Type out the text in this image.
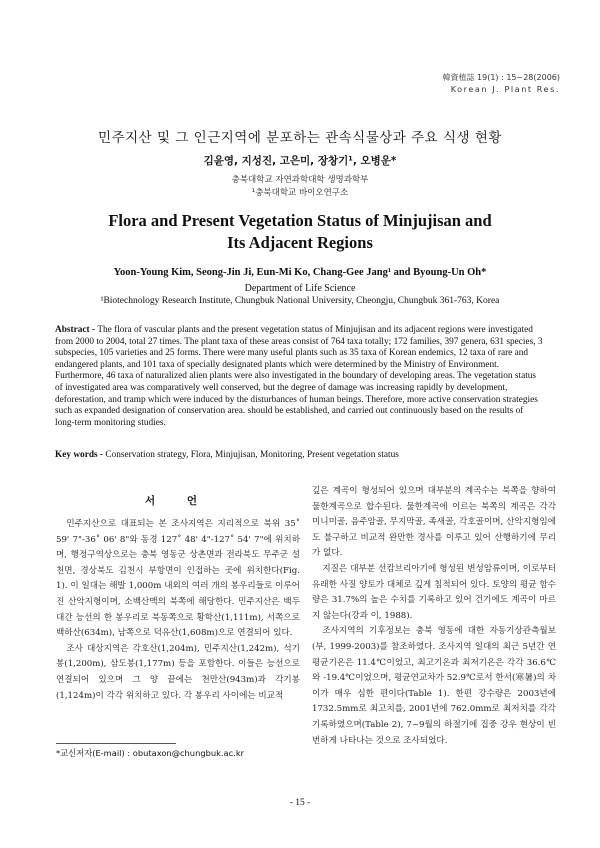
韓資植誌 19(1) : 15~28(2006)
Korean J. Plant Res.
민주지산 및 그 인근지역에 분포하는 관속식물상과 주요 식생 현황
김윤영, 지성진, 고은미, 장창기¹, 오병운*
충북대학교 자연과학대학 생명과학부
¹충북대학교 바이오연구소
Flora and Present Vegetation Status of Minjujisan and
Its Adjacent Regions
Yoon-Young Kim, Seong-Jin Ji, Eun-Mi Ko, Chang-Gee Jang¹ and Byoung-Un Oh*
Department of Life Science
¹Biotechnology Research Institute, Chungbuk National University, Cheongju, Chungbuk 361-763, Korea
Abstract - The flora of vascular plants and the present vegetation status of Minjujisan and its adjacent regions were investigated from 2000 to 2004, total 27 times. The plant taxa of these areas consist of 764 taxa totally; 172 families, 397 genera, 631 species, 3 subspecies, 105 varieties and 25 forms. There were many useful plants such as 35 taxa of Korean endemics, 12 taxa of rare and endangered plants, and 101 taxa of specially designated plants which were determined by the Ministry of Environment. Furthermore, 46 taxa of naturalized alien plants were also investigated in the boundary of developing areas. The vegetation status of investigated area was comparatively well conserved, but the degree of damage was increasing rapidly by development, deforestation, and tramp which were induced by the disturbances of human beings. Therefore, more active conservation strategies such as expanded designation of conservation area. should be established, and carried out continuously based on the results of long-term monitoring studies.
Key words - Conservation strategy, Flora, Minjujisan, Monitoring, Present vegetation status
서 언

민주지산으로 대표되는 본 조사지역은 지리적으로 북위 35˚ 59' 7"-36˚ 06' 8"와 동경 127˚ 48' 4"-127˚ 54' 7"에 위치하며, 행정구역상으로는 충북 영동군 상촌면과 전라북도 무주군 설천면, 경상북도 김천시 부항면이 인접하는 곳에 위치한다(Fig. 1). 이 일대는 해발 1,000m 내외의 여러 개의 봉우리들로 이루어진 산악지형이며, 소백산맥의 북쪽에 해당한다. 민주지산은 백두대간 능선의 한 봉우리로 북동쪽으로 황학산(1,111m), 서쪽으로 백하산(634m), 남쪽으로 덕유산(1,608m)으로 연결되어 있다.

조사 대상지역은 각호산(1,204m), 민주지산(1,242m), 석기봉(1,200m), 삼도봉(1,177m) 등을 포함한다. 이들은 능선으로 연결되어 있으며 그 양 끝에는 천만산(943m)과 각기봉(1,124m)이 각각 위치하고 있다. 각 봉우리 사이에는 비교적

깊은 계곡이 형성되어 있으며 대부분의 계곡수는 북쪽을 향하여 물한계곡으로 합수된다. 물한계곡에 이르는 북쪽의 계곡은 각각 미니미골, 음주암골, 무지막골, 족새골, 각호골이며, 산악지형임에도 불구하고 비교적 완만한 경사를 이루고 있어 산행하기에 무리가 없다.

지질은 대부분 선캄브리아기에 형성된 변성암류이며, 이로부터 유래한 사질 양토가 대체로 깊게 침적되어 있다. 토양의 평균 함수량은 31.7%의 높은 수치를 기록하고 있어 건기에도 계곡이 마르지 않는다(강과 이, 1988).

조사지역의 기후정보는 충북 영동에 대한 자동기상관측월보(부, 1999-2003)를 참조하였다. 조사지역 일대의 최근 5년간 연평균기온은 11.4℃이었고, 최고기온과 최저기온은 각각 36.6℃와 -19.4℃이었으며, 평균연교차가 52.9℃로서 한서(寒暑)의 차이가 매우 심한 편이다(Table 1). 한편 강수량은 2003년에 1732.5mm로 최고치를, 2001년에 762.0mm로 최저치를 각각 기록하였으며(Table 2), 7~9월의 하절기에 집중 강우 현상이 빈번하게 나타나는 것으로 조사되었다.

*교신저자(E-mail) : obutaxon@chungbuk.ac.kr
- 15 -
